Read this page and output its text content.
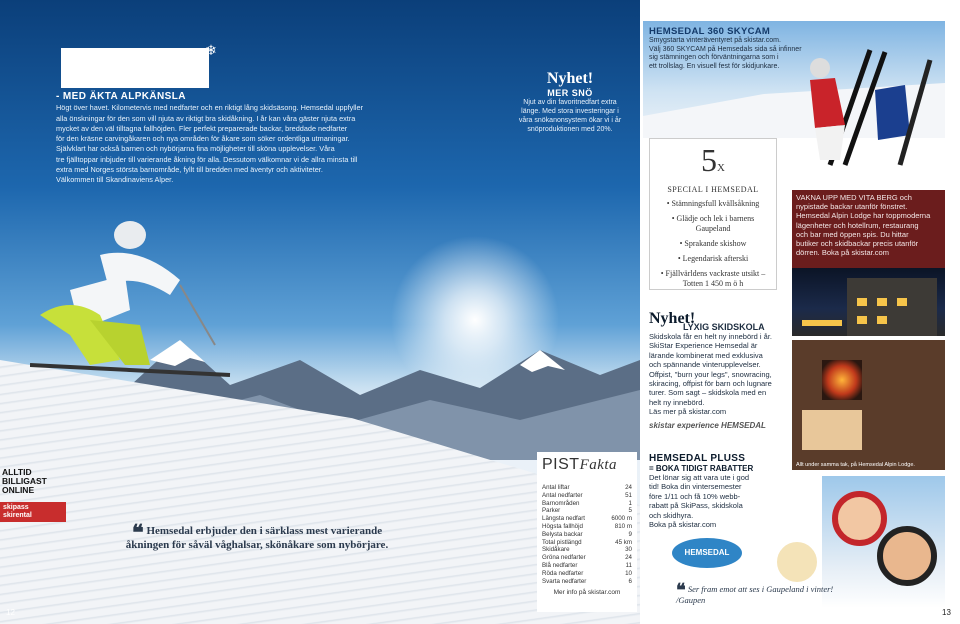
❄
- MED ÄKTA ALPKÄNSLA
Högt över havet. Kilometervis med nedfarter och en riktigt lång skidsäsong. Hemsedal uppfyller
alla önskningar för den som vill njuta av riktigt bra skidåkning. I år kan våra gäster njuta extra
mycket av den väl tilltagna fallhöjden. Fler perfekt preparerade backar, breddade nedfarter
för den kräsne carvingåkaren och nya områden för åkare som söker ordentliga utmaningar.
Självklart har också barnen och nybörjarna fina möjligheter till sköna upplevelser. Våra
tre fjälltoppar inbjuder till varierande åkning för alla. Dessutom välkomnar vi de allra minsta till
extra med Norges största barnområde, fyllt till bredden med äventyr och aktiviteter.
Välkommen till Skandinaviens Alper.
ALLTID
BILLIGAST
ONLINE
skipass
skirental
❝ Hemsedal erbjuder den i särklass mest varierande åkningen för såväl våghalsar, skönåkare som nybörjare.
12
Nyhet!
MER SNÖ
Njut av din favoritnedfart extra
länge. Med stora investeringar i
våra snökanonsystem ökar vi i år
snöproduktionen med 20%.
HEMSEDAL 360 SKYCAM
Smygstarta vinteräventyret på skistar.com.
Välj 360 SKYCAM på Hemsedals sida så infinner
sig stämningen och förväntningarna som i
ett trollslag. En visuell fest för skidjunkare.
5X
SPECIAL I HEMSEDAL
• Stämningsfull kvällsåkning
• Glädje och lek i barnens Gaupeland
• Sprakande skishow
• Legendarisk afterski
• Fjällvärldens vackraste utsikt – Totten 1 450 m ö h
VAKNA UPP MED VITA BERG och
nypistade backar utanför fönstret.
Hemsedal Alpin Lodge har toppmoderna
lägenheter och hotellrum, restaurang
och bar med öppen spis. Du hittar
butiker och skidbackar precis utanför
dörren. Boka på skistar.com
Allt under samma tak, på Hemsedal Alpin Lodge.
Nyhet!
LYXIG SKIDSKOLA
Skidskola får en helt ny innebörd i år.
SkiStar Experience Hemsedal är
lärande kombinerat med exklusiva
och spännande vinterupplevelser.
Offpist, "burn your legs", snowracing,
skiracing, offpist för barn och lugnare
turer. Som sagt – skidskola med en
helt ny innebörd.
Läs mer på skistar.com
skistar experience HEMSEDAL
HEMSEDAL PLUSS
= BOKA TIDIGT RABATTER
Det lönar sig att vara ute i god
tid! Boka din vintersemester
före 1/11 och få 10% webb-
rabatt på SkiPass, skidskola
och skidhyra.
Boka på skistar.com
HEMSEDAL
❝ Ser fram emot att ses i Gaupeland i vinter! /Gaupen
13
PISTFakta
Antal liftar	24
Antal nedfarter	51
Barnområden	1
Parker	5
Längsta nedfart	6000 m
Högsta fallhöjd	810 m
Belysta backar	9
Total pistlängd	45 km
Skidåkare	30
Gröna nedfarter	24
Blå nedfarter	11
Röda nedfarter	10
Svarta nedfarter	6
Mer info på skistar.com
